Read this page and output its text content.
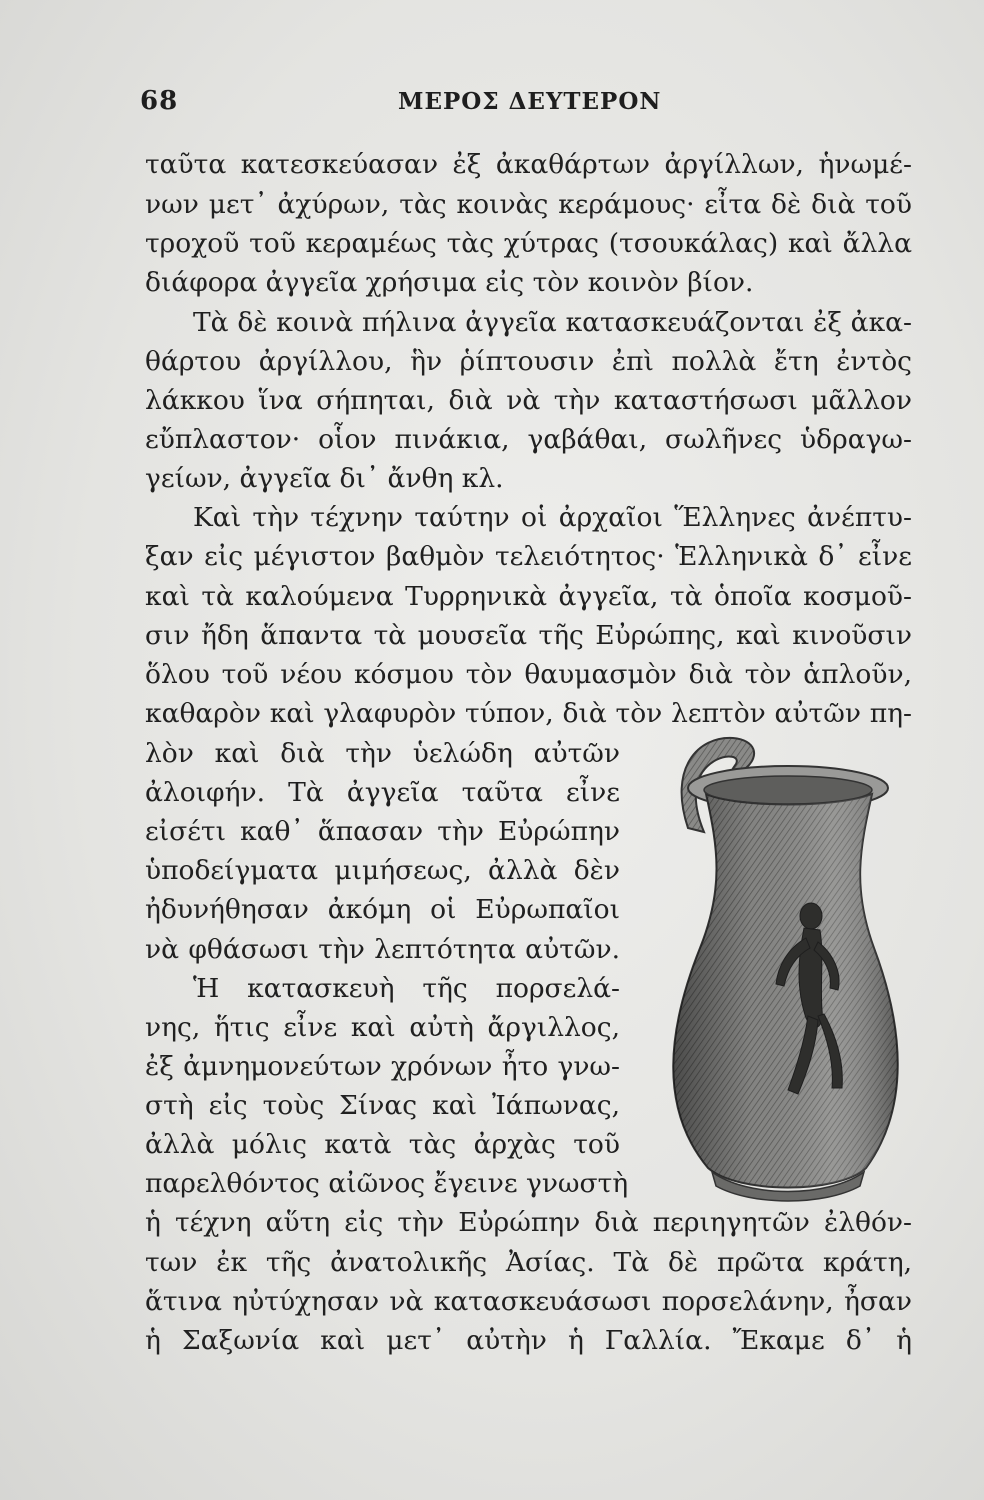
68	ΜΕΡΟΣ ΔΕΥΤΕΡΟΝ
ταῦτα κατεσκεύασαν ἐξ ἀκαθάρτων ἀργίλλων, ἡνωμέ-
νων μετ᾽ ἀχύρων, τὰς κοινὰς κεράμους· εἶτα δὲ διὰ τοῦ
τροχοῦ τοῦ κεραμέως τὰς χύτρας (τσουκάλας) καὶ ἄλλα
διάφορα ἀγγεῖα χρήσιμα εἰς τὸν κοινὸν βίον.
Τὰ δὲ κοινὰ πήλινα ἀγγεῖα κατασκευάζονται ἐξ ἀκα-
θάρτου ἀργίλλου, ἣν ῥίπτουσιν ἐπὶ πολλὰ ἔτη ἐντὸς
λάκκου ἵνα σήπηται, διὰ νὰ τὴν καταστήσωσι μᾶλλον
εὔπλαστον· οἷον πινάκια, γαβάθαι, σωλῆνες ὑδραγω-
γείων, ἀγγεῖα δι᾽ ἄνθη κλ.
Καὶ τὴν τέχνην ταύτην οἱ ἀρχαῖοι Ἕλληνες ἀνέπτυ-
ξαν εἰς μέγιστον βαθμὸν τελειότητος· Ἑλληνικὰ δ᾽ εἶνε
καὶ τὰ καλούμενα Τυρρηνικὰ ἀγγεῖα, τὰ ὁποῖα κοσμοῦ-
σιν ἤδη ἅπαντα τὰ μουσεῖα τῆς Εὐρώπης, καὶ κινοῦσιν
ὅλου τοῦ νέου κόσμου τὸν θαυμασμὸν διὰ τὸν ἁπλοῦν,
καθαρὸν καὶ γλαφυρὸν τύπον, διὰ τὸν λεπτὸν αὐτῶν πη-
λὸν καὶ διὰ τὴν ὑελώδη αὐτῶν
ἀλοιφήν. Τὰ ἀγγεῖα ταῦτα εἶνε
εἰσέτι καθ᾽ ἅπασαν τὴν Εὐρώπην
ὑποδείγματα μιμήσεως, ἀλλὰ δὲν
ἠδυνήθησαν ἀκόμη οἱ Εὐρωπαῖοι
νὰ φθάσωσι τὴν λεπτότητα αὐτῶν.
Ἡ κατασκευὴ τῆς πορσελά-
νης, ἥτις εἶνε καὶ αὐτὴ ἄργιλλος,
ἐξ ἀμνημονεύτων χρόνων ἦτο γνω-
στὴ εἰς τοὺς Σίνας καὶ Ἰάπωνας,
ἀλλὰ μόλις κατὰ τὰς ἀρχὰς τοῦ
παρελθόντος αἰῶνος ἔγεινε γνωστὴ
ἡ τέχνη αὕτη εἰς τὴν Εὐρώπην διὰ περιηγητῶν ἐλθόν-
των ἐκ τῆς ἀνατολικῆς Ἀσίας. Τὰ δὲ πρῶτα κράτη,
ἅτινα ηὐτύχησαν νὰ κατασκευάσωσι πορσελάνην, ἦσαν
ἡ Σαξωνία καὶ μετ᾽ αὐτὴν ἡ Γαλλία. Ἔκαμε δ᾽ ἡ
